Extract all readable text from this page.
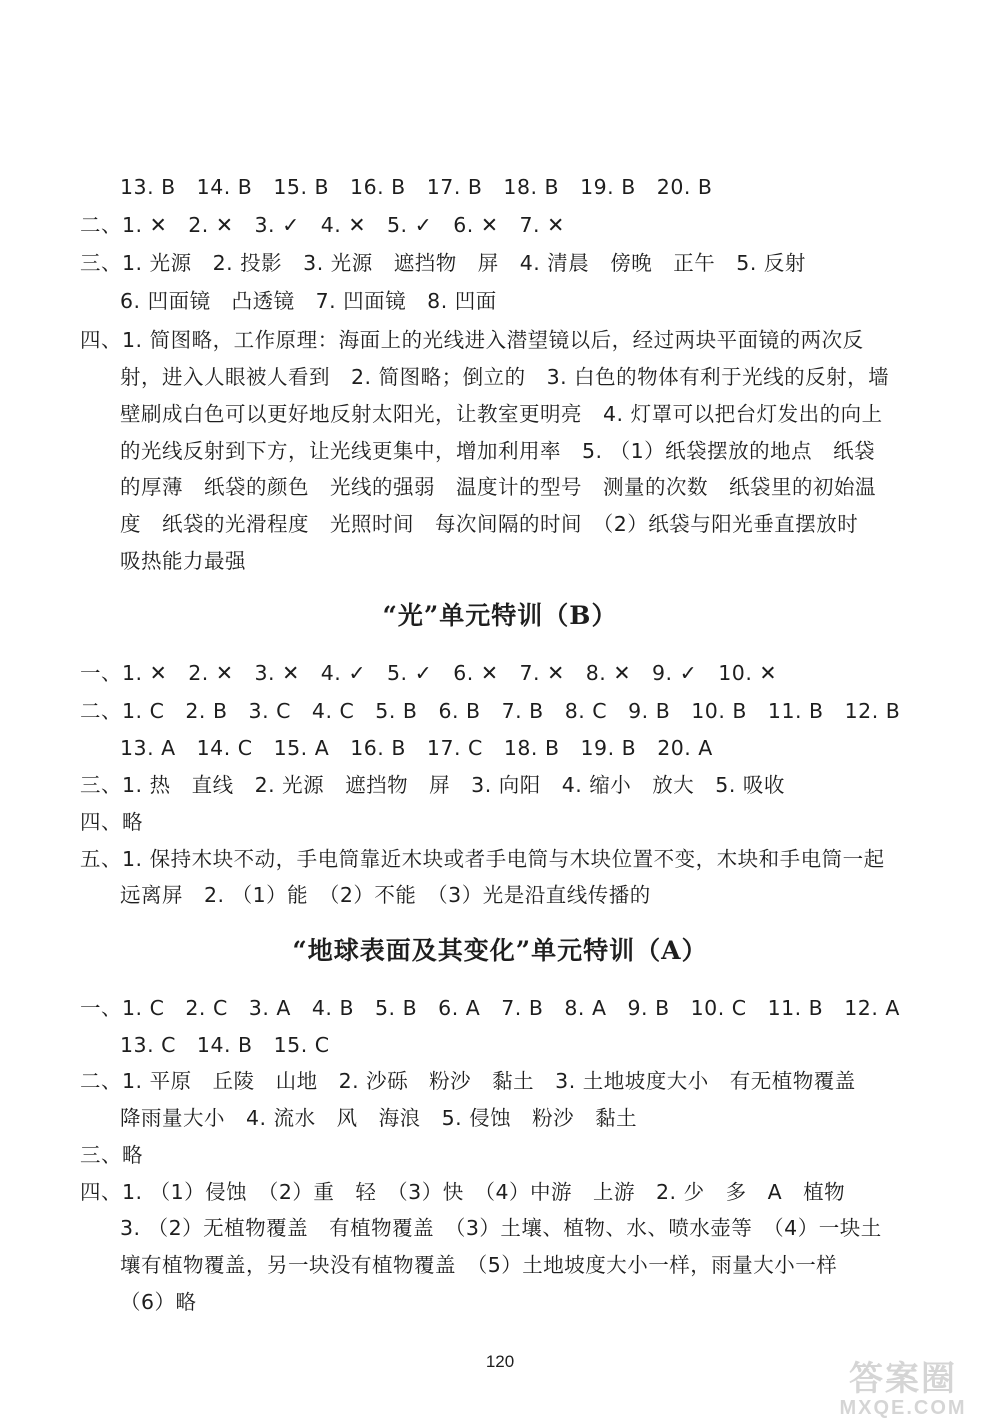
13. B　14. B　15. B　16. B　17. B　18. B　19. B　20. B
二、1. ✕　2. ✕　3. ✓　4. ✕　5. ✓　6. ✕　7. ✕
三、1. 光源　2. 投影　3. 光源　遮挡物　屏　4. 清晨　傍晚　正午　5. 反射
6. 凹面镜　凸透镜　7. 凹面镜　8. 凹面
四、1. 简图略，工作原理：海面上的光线进入潜望镜以后，经过两块平面镜的两次反
射，进入人眼被人看到　2. 简图略；倒立的　3. 白色的物体有利于光线的反射，墙
壁刷成白色可以更好地反射太阳光，让教室更明亮　4. 灯罩可以把台灯发出的向上
的光线反射到下方，让光线更集中，增加利用率　5. （1）纸袋摆放的地点　纸袋
的厚薄　纸袋的颜色　光线的强弱　温度计的型号　测量的次数　纸袋里的初始温
度　纸袋的光滑程度　光照时间　每次间隔的时间　（2）纸袋与阳光垂直摆放时
吸热能力最强
“光”单元特训（B）
一、1. ✕　2. ✕　3. ✕　4. ✓　5. ✓　6. ✕　7. ✕　8. ✕　9. ✓　10. ✕
二、1. C　2. B　3. C　4. C　5. B　6. B　7. B　8. C　9. B　10. B　11. B　12. B
13. A　14. C　15. A　16. B　17. C　18. B　19. B　20. A
三、1. 热　直线　2. 光源　遮挡物　屏　3. 向阳　4. 缩小　放大　5. 吸收
四、略
五、1. 保持木块不动，手电筒靠近木块或者手电筒与木块位置不变，木块和手电筒一起
远离屏　2. （1）能　（2）不能　（3）光是沿直线传播的
“地球表面及其变化”单元特训（A）
一、1. C　2. C　3. A　4. B　5. B　6. A　7. B　8. A　9. B　10. C　11. B　12. A
13. C　14. B　15. C
二、1. 平原　丘陵　山地　2. 沙砾　粉沙　黏土　3. 土地坡度大小　有无植物覆盖
降雨量大小　4. 流水　风　海浪　5. 侵蚀　粉沙　黏土
三、略
四、1. （1）侵蚀　（2）重　轻　（3）快　（4）中游　上游　2. 少　多　A　植物
3. （2）无植物覆盖　有植物覆盖　（3）土壤、植物、水、喷水壶等　（4）一块土
壤有植物覆盖，另一块没有植物覆盖　（5）土地坡度大小一样，雨量大小一样
（6）略
120	答案圈
MXQE.COM
